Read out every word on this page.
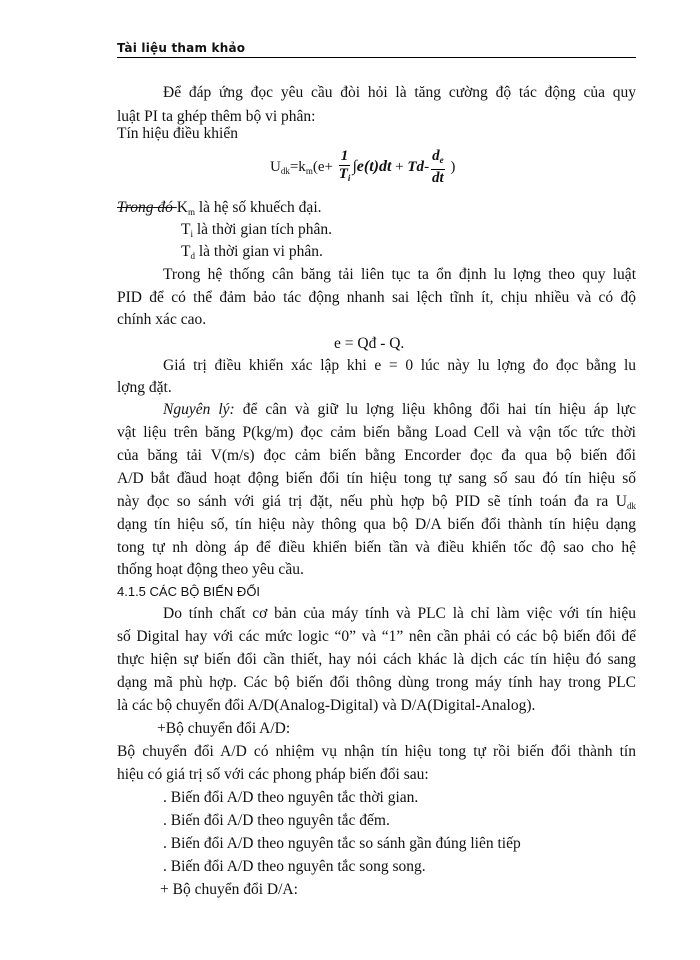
Tài liệu tham khảo
Để đáp ứng đọc yêu cầu đòi hỏi là tăng cường độ tác động của quy
luật PI ta ghép thêm bộ vi phân:
Tín hiệu điều khiển
$U_{dk}=k_m(e+ \frac{1}{T_i} \int e(t)dt + Td- \frac{d_e}{dt}$ )
Trong đó $K_m$ là hệ số khuếch đại.
$T_i$ là thời gian tích phân.
$T_d$ là thời gian vi phân.
Trong hệ thống cân băng tải liên tục ta ổn định lu lợng theo quy luật
PID để có thể đảm bảo tác động nhanh sai lệch tĩnh ít, chịu nhiều và có độ
chính xác cao.
e = Qđ - Q.
Giá trị điều khiển xác lập khi e = 0 lúc này lu lợng đo đọc bằng lu
lợng đặt.
Nguyên lý: để cân và giữ lu lợng liệu không đổi hai tín hiệu áp lực
vật liệu trên băng P(kg/m) đọc cảm biến bằng Load Cell và vận tốc tức thời
của băng tải V(m/s) đọc cảm biến bằng Encorder đọc đa qua bộ biến đổi
A/D bắt đầud hoạt động biến đổi tín hiệu tong tự sang số sau đó tín hiệu số
này đọc so sánh với giá trị đặt, nếu phù hợp bộ PID sẽ tính toán đa ra $U_{dk}$
dạng tín hiệu số, tín hiệu này thông qua bộ D/A biến đổi thành tín hiệu dạng
tong tự nh dòng áp để điều khiển biến tần và điều khiển tốc độ sao cho hệ
thống hoạt động theo yêu cầu.
4.1.5 CÁC BỘ BIẾN ĐỔI
Do tính chất cơ bản của máy tính và PLC là chỉ làm việc với tín hiệu
số Digital hay với các mức logic “0” và “1” nên cần phải có các bộ biến đổi để
thực hiện sự biến đổi cần thiết, hay nói cách khác là dịch các tín hiệu đó sang
dạng mã phù hợp. Các bộ biến đổi thông dùng trong máy tính hay trong PLC
là các bộ chuyển đổi A/D(Analog-Digital) và D/A(Digital-Analog).
+Bộ chuyển đổi A/D:
Bộ chuyển đổi A/D có nhiệm vụ nhận tín hiệu tong tự rồi biến đổi thành tín
hiệu có giá trị số với các phong pháp biến đổi sau:
. Biến đổi A/D theo nguyên tắc thời gian.
. Biến đổi A/D theo nguyên tắc đếm.
. Biến đổi A/D theo nguyên tắc so sánh gần đúng liên tiếp
. Biến đổi A/D theo nguyên tắc song song.
+ Bộ chuyển đổi D/A:
